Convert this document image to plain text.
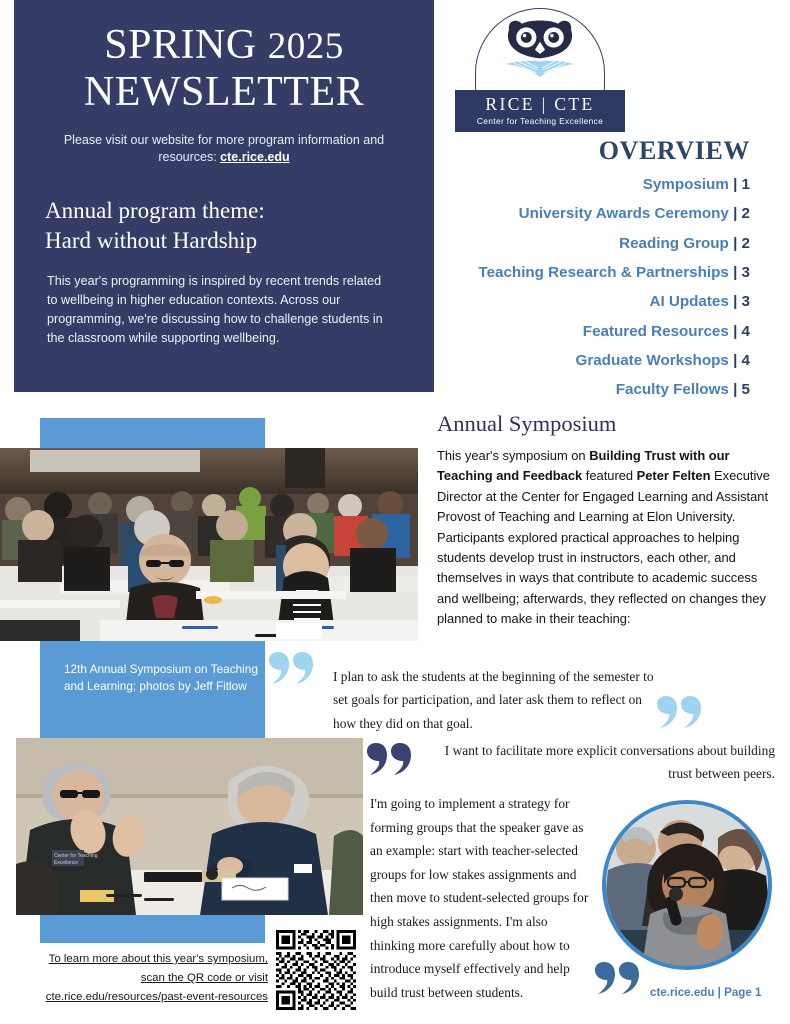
SPRING 2025
NEWSLETTER
Please visit our website for more program information and resources: cte.rice.edu
Annual program theme:
Hard without Hardship
This year's programming is inspired by recent trends related to wellbeing in higher education contexts. Across our programming, we're discussing how to challenge students in the classroom while supporting wellbeing.
RICE | CTE
Center for Teaching Excellence
OVERVIEW
Symposium | 1
University Awards Ceremony | 2
Reading Group | 2
Teaching Research & Partnerships | 3
AI Updates | 3
Featured Resources | 4
Graduate Workshops | 4
Faculty Fellows | 5
12th Annual Symposium on Teaching and Learning; photos by Jeff Fitlow
Center for Teaching
Excellence
To learn more about this year's symposium,
scan the QR code or visit
cte.rice.edu/resources/past-event-resources
Annual Symposium
This year's symposium on Building Trust with our Teaching and Feedback featured Peter Felten Executive Director at the Center for Engaged Learning and Assistant Provost of Teaching and Learning at Elon University. Participants explored practical approaches to helping students develop trust in instructors, each other, and themselves in ways that contribute to academic success and wellbeing; afterwards, they reflected on changes they planned to make in their teaching:
I plan to ask the students at the beginning of the semester to set goals for participation, and later ask them to reflect on how they did on that goal.
I want to facilitate more explicit conversations about building trust between peers.
I'm going to implement a strategy for forming groups that the speaker gave as an example: start with teacher-selected groups for low stakes assignments and then move to student-selected groups for high stakes assignments. I'm also thinking more carefully about how to introduce myself effectively and help build trust between students.	cte.rice.edu | Page 1
